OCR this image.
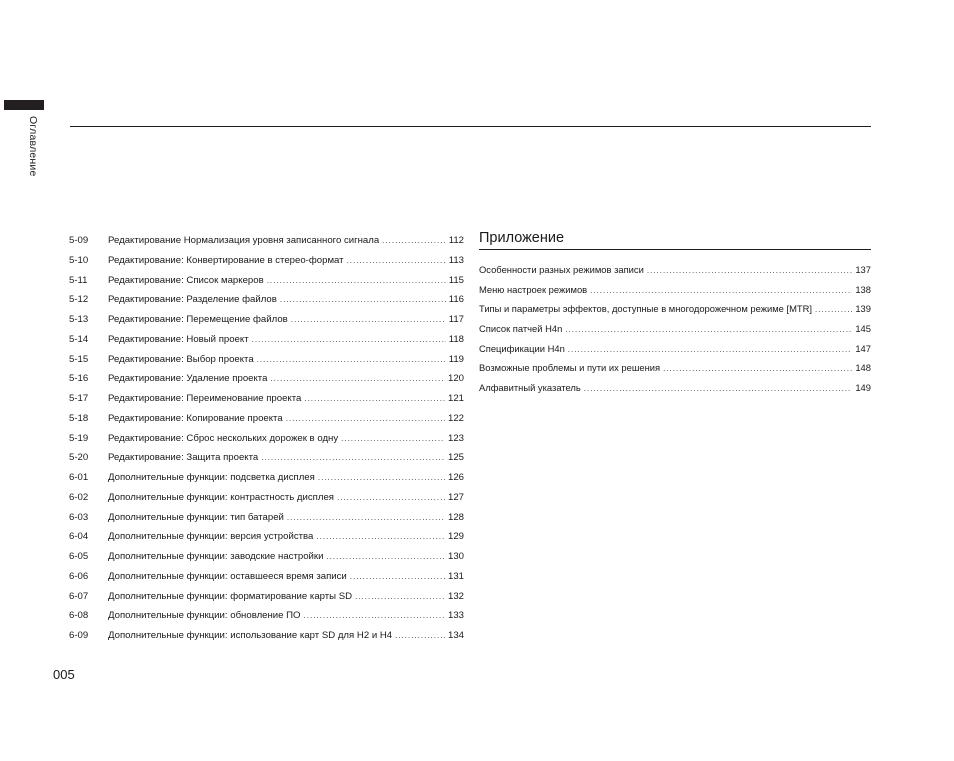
Оглавление
5-09	Редактирование Нормализация уровня записанного сигнала .....	112
5-10	Редактирование: Конвертирование в стерео-формат .....	113
5-11	Редактирование: Список маркеров .....	115
5-12	Редактирование: Разделение файлов .....	116
5-13	Редактирование: Перемещение файлов .....	117
5-14	Редактирование: Новый проект .....	118
5-15	Редактирование: Выбор проекта .....	119
5-16	Редактирование: Удаление проекта .....	120
5-17	Редактирование: Переименование проекта .....	121
5-18	Редактирование: Копирование проекта .....	122
5-19	Редактирование: Сброс нескольких дорожек в одну .....	123
5-20	Редактирование: Защита проекта .....	125
6-01	Дополнительные функции: подсветка дисплея .....	126
6-02	Дополнительные функции: контрастность дисплея .....	127
6-03	Дополнительные функции: тип батарей .....	128
6-04	Дополнительные функции: версия устройства .....	129
6-05	Дополнительные функции: заводские настройки .....	130
6-06	Дополнительные функции: оставшееся время записи .....	131
6-07	Дополнительные функции: форматирование карты SD .....	132
6-08	Дополнительные функции: обновление ПО .....	133
6-09	Дополнительные функции: использование карт SD для H2 и H4 .....	134
Приложение
Особенности разных режимов записи .....	137
Меню настроек режимов .....	138
Типы и параметры эффектов, доступные в многодорожечном режиме [MTR] .....	139
Список патчей H4n .....	145
Спецификации H4n .....	147
Возможные проблемы и пути их решения .....	148
Алфавитный указатель .....	149
005
